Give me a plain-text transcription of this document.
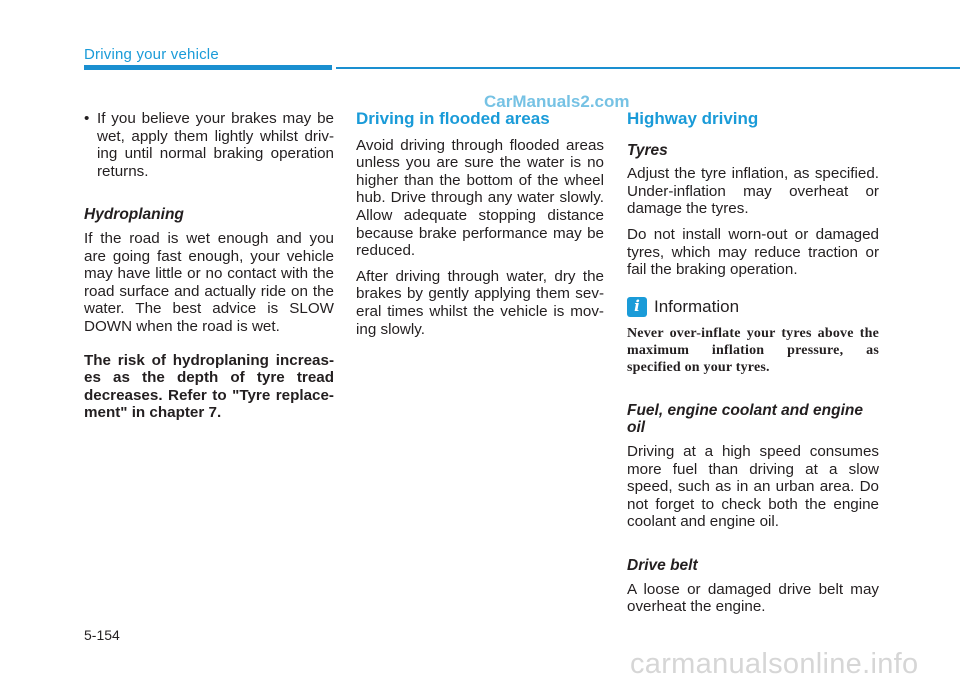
Driving your vehicle
CarManuals2.com
• If you believe your brakes may be wet, apply them lightly whilst driv-ing until normal braking operation returns.
Hydroplaning

If the road is wet enough and you are going fast enough, your vehicle may have little or no contact with the road surface and actually ride on the water. The best advice is SLOW DOWN when the road is wet.

The risk of hydroplaning increas-es as the depth of tyre tread decreases. Refer to "Tyre replace-ment" in chapter 7.

Driving in flooded areas

Avoid driving through flooded areas unless you are sure the water is no higher than the bottom of the wheel hub. Drive through any water slowly. Allow adequate stopping distance because brake performance may be reduced.

After driving through water, dry the brakes by gently applying them sev-eral times whilst the vehicle is mov-ing slowly.

Highway driving
Tyres

Adjust the tyre inflation, as specified. Under-inflation may overheat or damage the tyres.

Do not install worn-out or damaged tyres, which may reduce traction or fail the braking operation.

i Information

Never over-inflate your tyres above the maximum inflation pressure, as specified on your tyres.

Fuel, engine coolant and engine oil

Driving at a high speed consumes more fuel than driving at a slow speed, such as in an urban area. Do not forget to check both the engine coolant and engine oil.

Drive belt

A loose or damaged drive belt may overheat the engine.

5-154
carmanualsonline.info
